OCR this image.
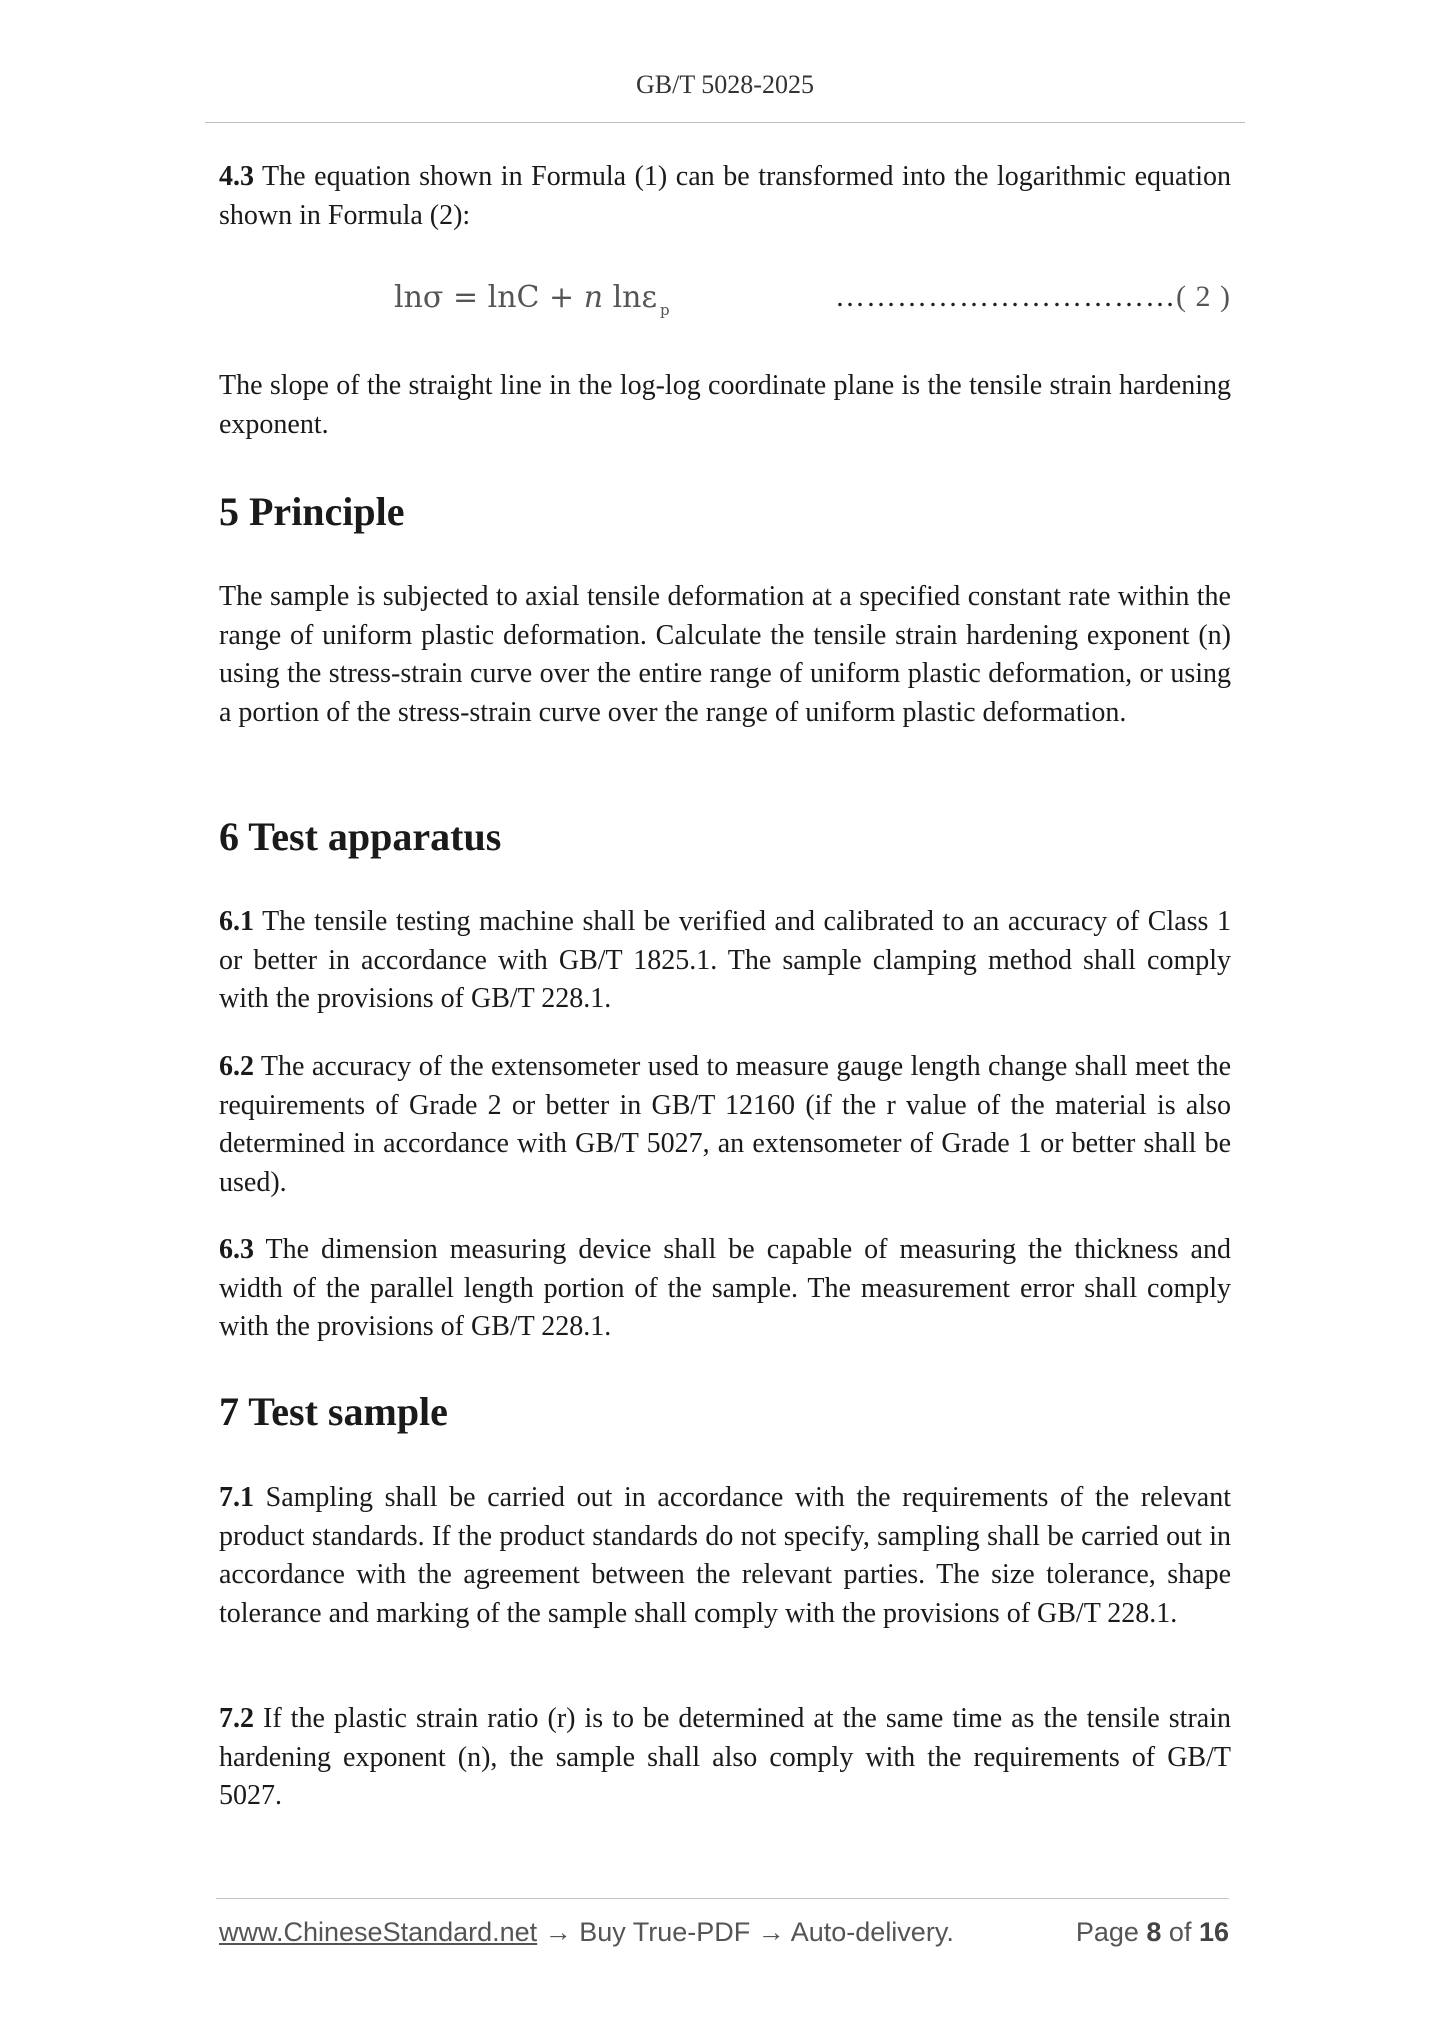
GB/T 5028-2025

4.3 The equation shown in Formula (1) can be transformed into the logarithmic equation shown in Formula (2):

lnσ = lnC + n lnε $_p$	……………………………( 2 )

The slope of the straight line in the log-log coordinate plane is the tensile strain hardening exponent.

5 Principle

The sample is subjected to axial tensile deformation at a specified constant rate within the range of uniform plastic deformation. Calculate the tensile strain hardening exponent (n) using the stress-strain curve over the entire range of uniform plastic deformation, or using a portion of the stress-strain curve over the range of uniform plastic deformation.

6 Test apparatus

6.1 The tensile testing machine shall be verified and calibrated to an accuracy of Class 1 or better in accordance with GB/T 1825.1. The sample clamping method shall comply with the provisions of GB/T 228.1.

6.2 The accuracy of the extensometer used to measure gauge length change shall meet the requirements of Grade 2 or better in GB/T 12160 (if the r value of the material is also determined in accordance with GB/T 5027, an extensometer of Grade 1 or better shall be used).

6.3 The dimension measuring device shall be capable of measuring the thickness and width of the parallel length portion of the sample. The measurement error shall comply with the provisions of GB/T 228.1.

7 Test sample

7.1 Sampling shall be carried out in accordance with the requirements of the relevant product standards. If the product standards do not specify, sampling shall be carried out in accordance with the agreement between the relevant parties. The size tolerance, shape tolerance and marking of the sample shall comply with the provisions of GB/T 228.1.

7.2 If the plastic strain ratio (r) is to be determined at the same time as the tensile strain hardening exponent (n), the sample shall also comply with the requirements of GB/T 5027.

www.ChineseStandard.net → Buy True-PDF → Auto-delivery.	Page 8 of 16
